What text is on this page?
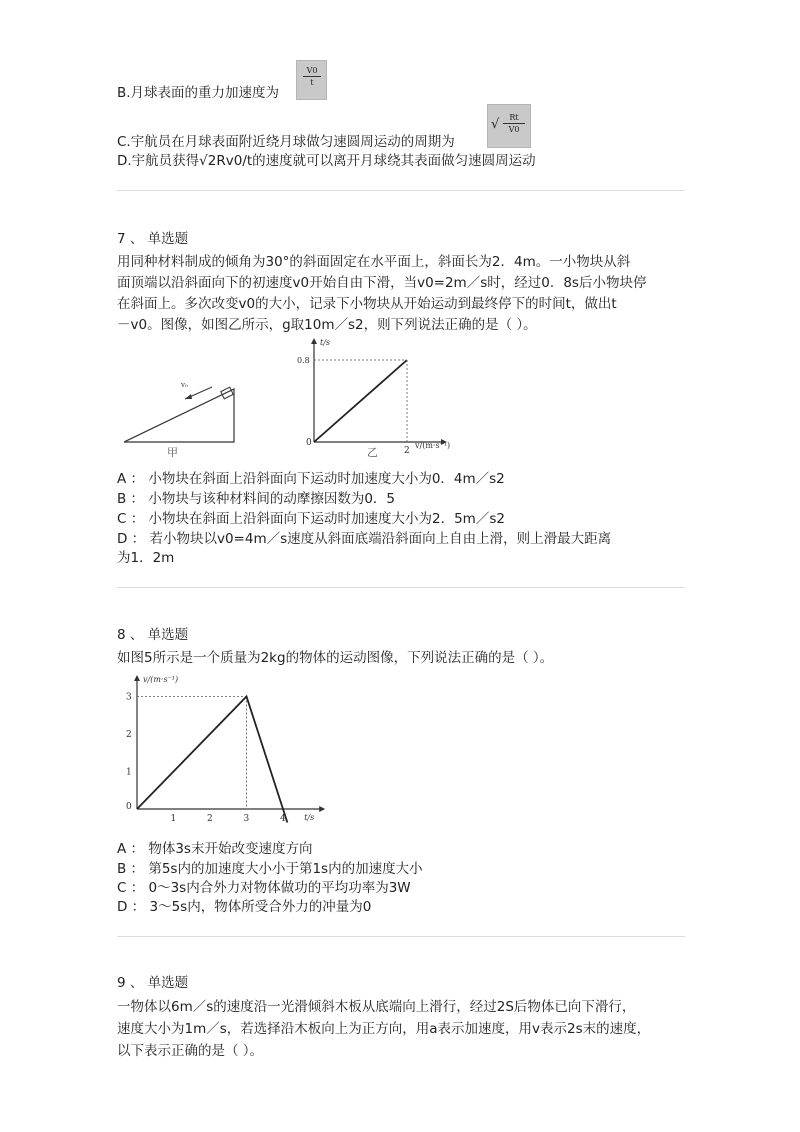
B.月球表面的重力加速度为
V0
t
C.宇航员在月球表面附近绕月球做匀速圆周运动的周期为
√	Rt
V0
D.宇航员获得√2Rv0/t的速度就可以离开月球绕其表面做匀速圆周运动
7 、 单选题
用同种材料制成的倾角为30°的斜面固定在水平面上，斜面长为2．4m。一小物块从斜
面顶端以沿斜面向下的初速度v0开始自由下滑，当v0=2m／s时，经过0．8s后小物块停
在斜面上。多次改变v0的大小，记录下小物块从开始运动到最终停下的时间t，做出t
－v0。图像，如图乙所示，g取10m／s2，则下列说法正确的是（ ）。
v₀
甲
t/s
v/(m·s⁻¹)
0
0.8
2
乙
A ： 小物块在斜面上沿斜面向下运动时加速度大小为0．4m／s2
B ： 小物块与该种材料间的动摩擦因数为0．5
C ： 小物块在斜面上沿斜面向下运动时加速度大小为2．5m／s2
D ： 若小物块以v0=4m／s速度从斜面底端沿斜面向上自由上滑，则上滑最大距离
为1．2m
8 、 单选题
如图5所示是一个质量为2kg的物体的运动图像，下列说法正确的是（ ）。
1	2	3	4
0
1
2
3
t/s
v/(m·s⁻¹)
A ： 物体3s末开始改变速度方向
B ： 第5s内的加速度大小小于第1s内的加速度大小
C ： 0～3s内合外力对物体做功的平均功率为3W
D ： 3～5s内，物体所受合外力的冲量为0
9 、 单选题
一物体以6m／s的速度沿一光滑倾斜木板从底端向上滑行，经过2S后物体已向下滑行，
速度大小为1m／s，若选择沿木板向上为正方向，用a表示加速度，用v表示2s末的速度，
以下表示正确的是（ ）。
